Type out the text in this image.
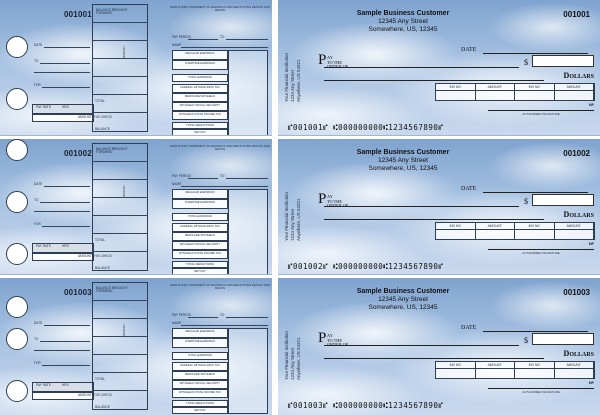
001001 BALANCE BROUGHT FORWARD
DATE
TO
FOR
TOTAL
PAY RATE	HRS
AMOUNT THIS CHECK
BALANCE
DEPOSIT
EMPLOYEE'S STATEMENT OF EARNINGS AND DEDUCTIONS DETACH AND RETAIN
PAY PERIOD	TO
NAME
REGULAR EARNINGS
OVERTIME EARNINGS
TOTAL EARNINGS
FEDERAL WITHHOLDING TAX
MEDICARE WITHHELD
WITHHELD SOCIAL SECURITY
WITHHELD STATE INCOME TAX
TOTAL DEDUCTIONS
NET PAY
001002 BALANCE BROUGHT FORWARD
DATE
TO
FOR
TOTAL
PAY RATE	HRS
AMOUNT THIS CHECK
BALANCE
DEPOSIT
EMPLOYEE'S STATEMENT OF EARNINGS AND DEDUCTIONS DETACH AND RETAIN
PAY PERIOD	TO
NAME
REGULAR EARNINGS
OVERTIME EARNINGS
TOTAL EARNINGS
FEDERAL WITHHOLDING TAX
MEDICARE WITHHELD
WITHHELD SOCIAL SECURITY
WITHHELD STATE INCOME TAX
TOTAL DEDUCTIONS
NET PAY
001003 BALANCE BROUGHT FORWARD
DATE
TO
FOR
TOTAL
PAY RATE	HRS
AMOUNT THIS CHECK
BALANCE
DEPOSIT
EMPLOYEE'S STATEMENT OF EARNINGS AND DEDUCTIONS DETACH AND RETAIN
PAY PERIOD	TO
NAME
REGULAR EARNINGS
OVERTIME EARNINGS
TOTAL EARNINGS
FEDERAL WITHHOLDING TAX
MEDICARE WITHHELD
WITHHELD SOCIAL SECURITY
WITHHELD STATE INCOME TAX
TOTAL DEDUCTIONS
NET PAY
Sample Business Customer
12345 Any Street
Somewhere, US, 12345
001001
Your Financial Institution 1234 Any Street Anywhere, US 54321
DATE
P AY
TO THE
ORDER OF	$
Dollars
INV NO	AMOUNT	INV NO	AMOUNT
MP
AUTHORIZED SIGNATURE
⑈001001⑈ ⑆000000000⑆1234567890⑈
Sample Business Customer
12345 Any Street
Somewhere, US, 12345
001002
Your Financial Institution 1234 Any Street Anywhere, US 54321
DATE
P AY
TO THE
ORDER OF	$
Dollars
INV NO	AMOUNT	INV NO	AMOUNT
MP
AUTHORIZED SIGNATURE
⑈001002⑈ ⑆000000000⑆1234567890⑈
Sample Business Customer
12345 Any Street
Somewhere, US, 12345
001003
Your Financial Institution 1234 Any Street Anywhere, US 54321
DATE
P AY
TO THE
ORDER OF	$
Dollars
INV NO	AMOUNT	INV NO	AMOUNT
MP
AUTHORIZED SIGNATURE
⑈001003⑈ ⑆000000000⑆1234567890⑈
